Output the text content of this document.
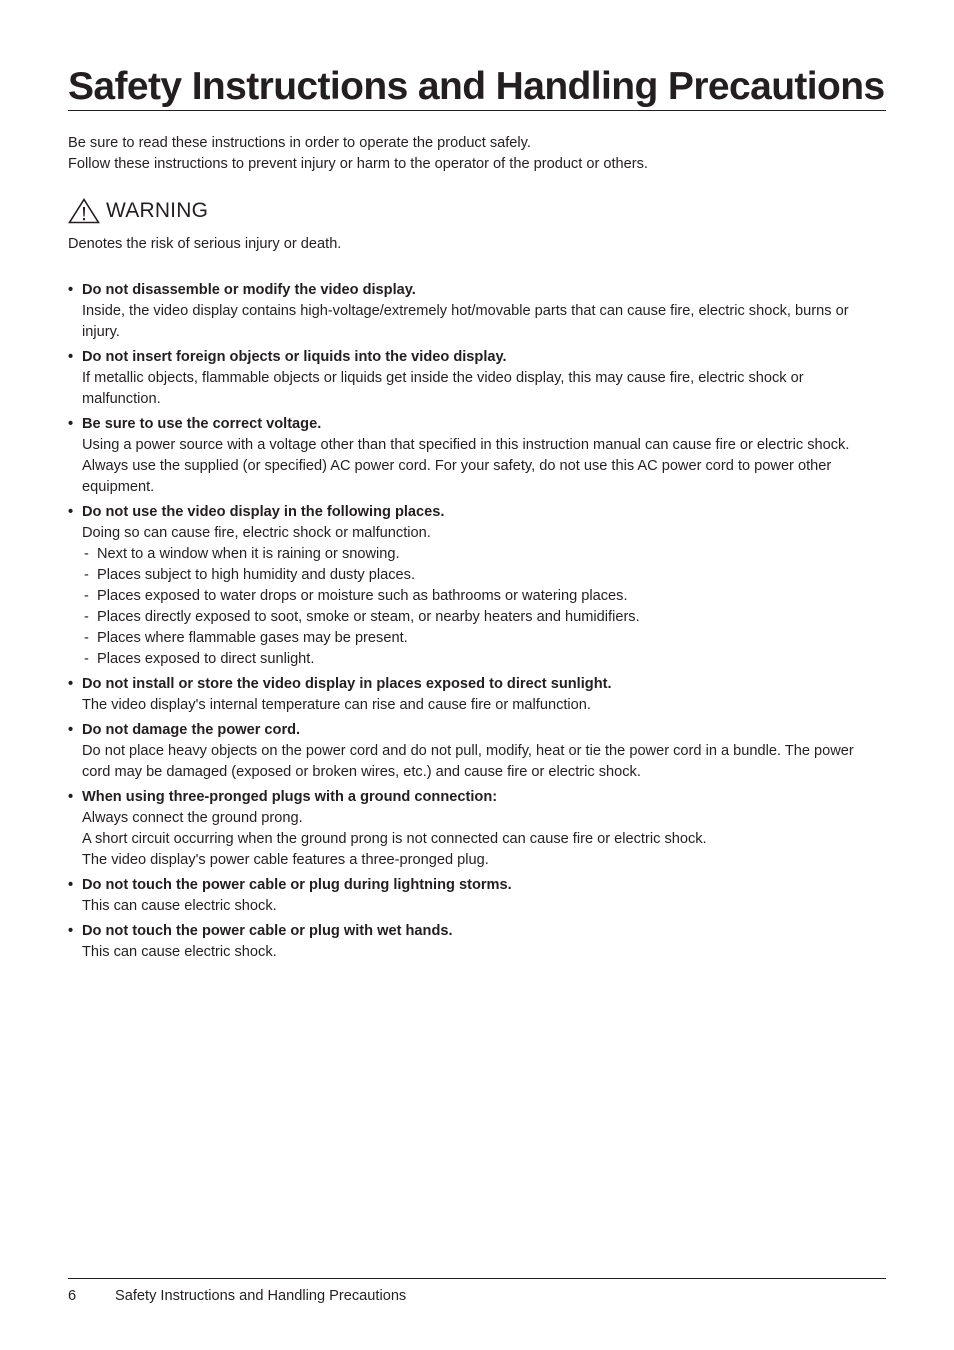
Safety Instructions and Handling Precautions

Be sure to read these instructions in order to operate the product safely.

Follow these instructions to prevent injury or harm to the operator of the product or others.

WARNING

Denotes the risk of serious injury or death.

• Do not disassemble or modify the video display.

Inside, the video display contains high-voltage/extremely hot/movable parts that can cause fire, electric shock, burns or injury.

• Do not insert foreign objects or liquids into the video display.

If metallic objects, flammable objects or liquids get inside the video display, this may cause fire, electric shock or malfunction.

• Be sure to use the correct voltage.

Using a power source with a voltage other than that specified in this instruction manual can cause fire or electric shock. Always use the supplied (or specified) AC power cord. For your safety, do not use this AC power cord to power other equipment.

• Do not use the video display in the following places.

Doing so can cause fire, electric shock or malfunction.

- Next to a window when it is raining or snowing.
- Places subject to high humidity and dusty places.
- Places exposed to water drops or moisture such as bathrooms or watering places.
- Places directly exposed to soot, smoke or steam, or nearby heaters and humidifiers.
- Places where flammable gases may be present.
- Places exposed to direct sunlight.
• Do not install or store the video display in places exposed to direct sunlight.

The video display's internal temperature can rise and cause fire or malfunction.

• Do not damage the power cord.

Do not place heavy objects on the power cord and do not pull, modify, heat or tie the power cord in a bundle. The power cord may be damaged (exposed or broken wires, etc.) and cause fire or electric shock.

• When using three-pronged plugs with a ground connection:

Always connect the ground prong.

A short circuit occurring when the ground prong is not connected can cause fire or electric shock.

The video display's power cable features a three-pronged plug.

• Do not touch the power cable or plug during lightning storms.

This can cause electric shock.

• Do not touch the power cable or plug with wet hands.

This can cause electric shock.

6	Safety Instructions and Handling Precautions
